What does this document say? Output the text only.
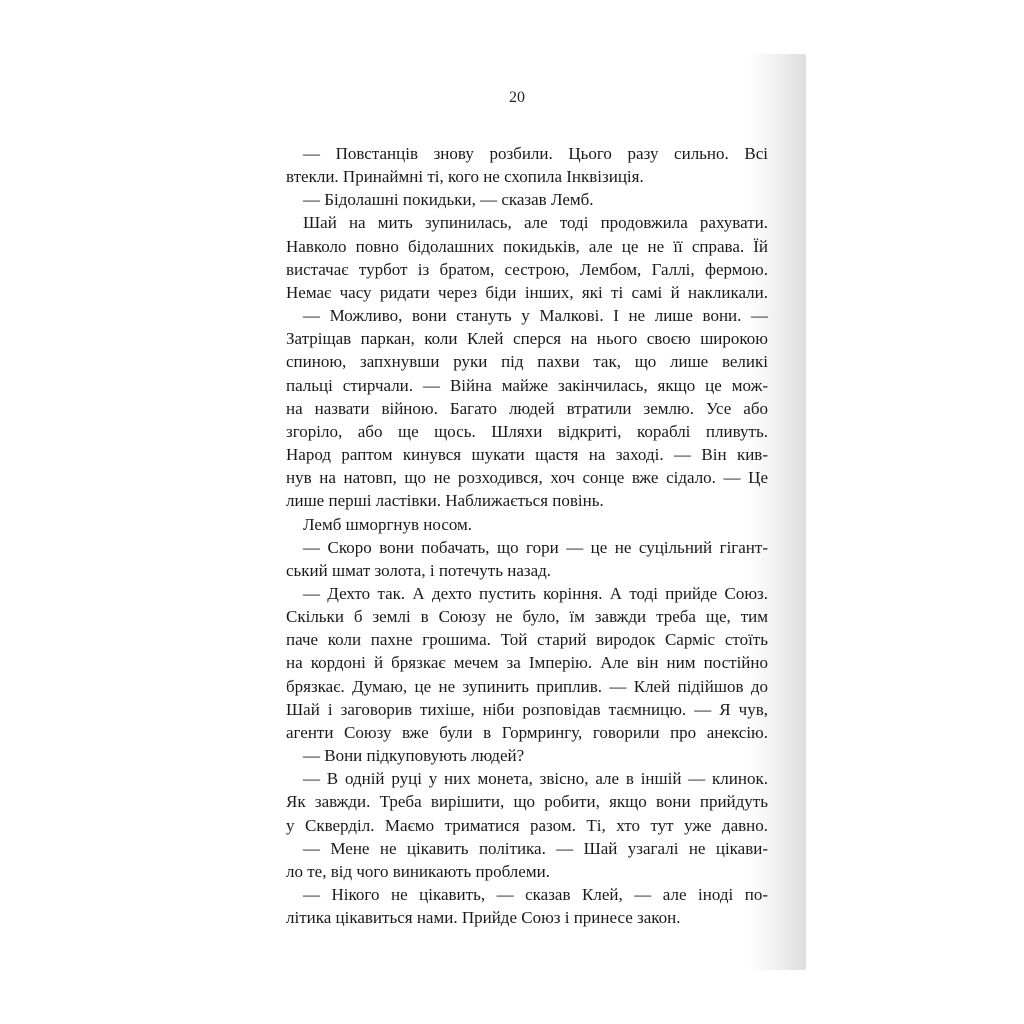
20
— Повстанців знову розбили. Цього разу сильно. Всі
втекли. Принаймні ті, кого не схопила Інквізиція.
— Бідолашні покидьки, — сказав Лемб.
Шай на мить зупинилась, але тоді продовжила рахувати.
Навколо повно бідолашних покидьків, але це не її справа. Їй
вистачає турбот із братом, сестрою, Лембом, Галлі, фермою.
Немає часу ридати через біди інших, які ті самі й накликали.
— Можливо, вони стануть у Малкові. І не лише вони. —
Затріщав паркан, коли Клей сперся на нього своєю широкою
спиною, запхнувши руки під пахви так, що лише великі
пальці стирчали. — Війна майже закінчилась, якщо це мож-
на назвати війною. Багато людей втратили землю. Усе або
згоріло, або ще щось. Шляхи відкриті, кораблі пливуть.
Народ раптом кинувся шукати щастя на заході. — Він кив-
нув на натовп, що не розходився, хоч сонце вже сідало. — Це
лише перші ластівки. Наближається повінь.
Лемб шморгнув носом.
— Скоро вони побачать, що гори — це не суцільний гігант-
ський шмат золота, і потечуть назад.
— Дехто так. А дехто пустить коріння. А тоді прийде Союз.
Скільки б землі в Союзу не було, їм завжди треба ще, тим
паче коли пахне грошима. Той старий виродок Сарміс стоїть
на кордоні й брязкає мечем за Імперію. Але він ним постійно
брязкає. Думаю, це не зупинить приплив. — Клей підійшов до
Шай і заговорив тихіше, ніби розповідав таємницю. — Я чув,
агенти Союзу вже були в Гормрингу, говорили про анексію.
— Вони підкуповують людей?
— В одній руці у них монета, звісно, але в іншій — клинок.
Як завжди. Треба вирішити, що робити, якщо вони прийдуть
у Скверділ. Маємо триматися разом. Ті, хто тут уже давно.
— Мене не цікавить політика. — Шай узагалі не цікави-
ло те, від чого виникають проблеми.
— Нікого не цікавить, — сказав Клей, — але іноді по-
літика цікавиться нами. Прийде Союз і принесе закон.
